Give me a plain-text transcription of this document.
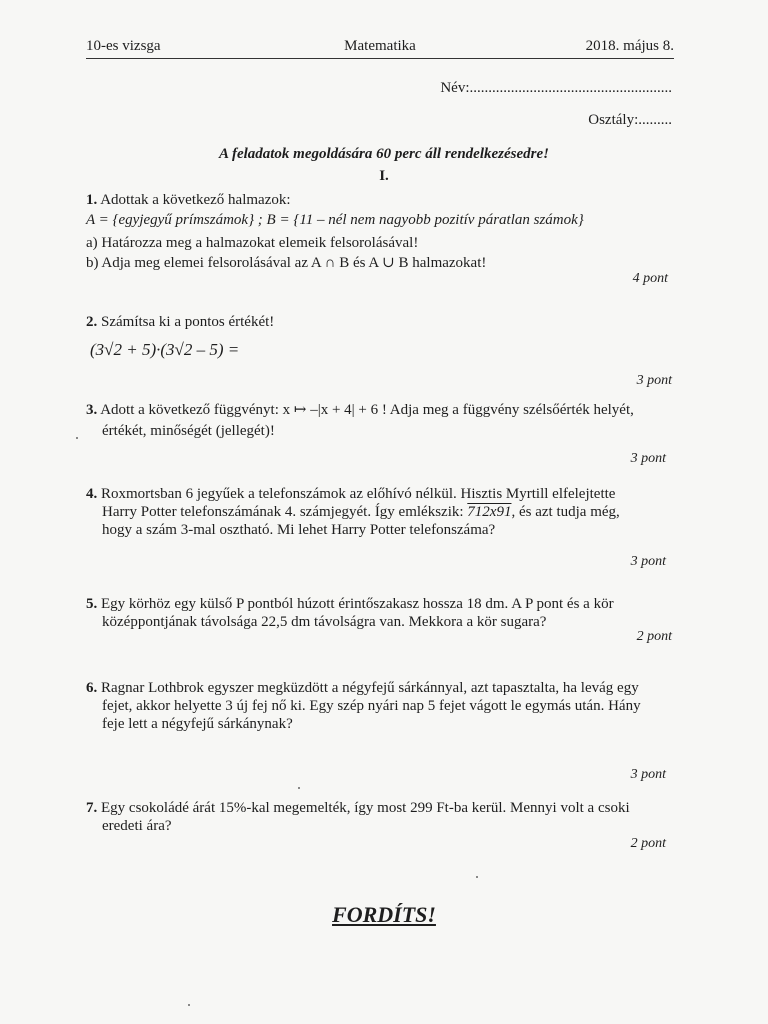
10-es vizsga	Matematika	2018. május 8.
Név:......................................................
Osztály:.........
A feladatok megoldására 60 perc áll rendelkezésedre!
I.
1. Adottak a következő halmazok:
A = {egyjegyű prímszámok} ; B = {11 – nél nem nagyobb pozitív páratlan számok}
a) Határozza meg a halmazokat elemeik felsorolásával!
b) Adja meg elemei felsorolásával az A ∩ B és A ∪ B halmazokat!
4 pont
2. Számítsa ki a pontos értékét!
(3√2 + 5)·(3√2 – 5) =
3 pont
3. Adott a következő függvényt: x ↦ –|x + 4| + 6 ! Adja meg a függvény szélsőérték helyét,
értékét, minőségét (jellegét)!
3 pont
4. Roxmortsban 6 jegyűek a telefonszámok az előhívó nélkül. Hisztis Myrtill elfelejtette
Harry Potter telefonszámának 4. számjegyét. Így emlékszik: 712x91, és azt tudja még,
hogy a szám 3-mal osztható. Mi lehet Harry Potter telefonszáma?
3 pont
5. Egy körhöz egy külső P pontból húzott érintőszakasz hossza 18 dm. A P pont és a kör
középpontjának távolsága 22,5 dm távolságra van. Mekkora a kör sugara?
2 pont
6. Ragnar Lothbrok egyszer megküzdött a négyfejű sárkánnyal, azt tapasztalta, ha levág egy
fejet, akkor helyette 3 új fej nő ki. Egy szép nyári nap 5 fejet vágott le egymás után. Hány
feje lett a négyfejű sárkánynak?
3 pont
7. Egy csokoládé árát 15%-kal megemelték, így most 299 Ft-ba kerül. Mennyi volt a csoki
eredeti ára?
2 pont
FORDÍTS!
